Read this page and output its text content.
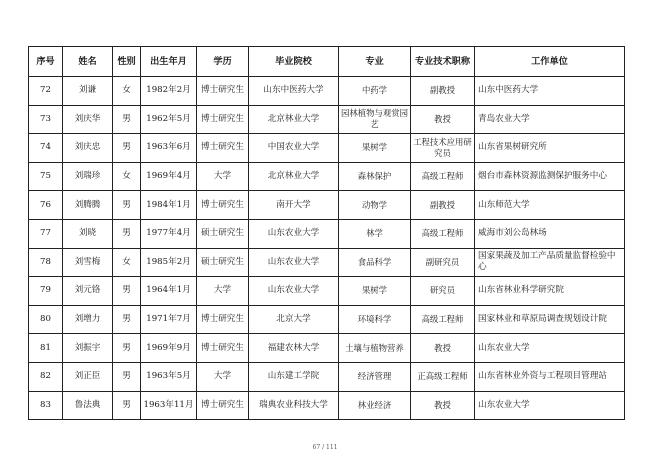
序号	姓名	性别	出生年月	学历	毕业院校	专业	专业技术职称	工作单位
72	刘谦	女	1982年2月	博士研究生	山东中医药大学	中药学	副教授	山东中医药大学
73	刘庆华	男	1962年5月	博士研究生	北京林业大学	园林植物与观赏园艺	教授	青岛农业大学
74	刘庆忠	男	1963年6月	博士研究生	中国农业大学	果树学	工程技术应用研究员	山东省果树研究所
75	刘瑞珍	女	1969年4月	大学	北京林业大学	森林保护	高级工程师	烟台市森林资源监测保护服务中心
76	刘腾腾	男	1984年1月	博士研究生	南开大学	动物学	副教授	山东师范大学
77	刘晓	男	1977年4月	硕士研究生	山东农业大学	林学	高级工程师	威海市刘公岛林场
78	刘雪梅	女	1985年2月	硕士研究生	山东农业大学	食品科学	副研究员	国家果蔬及加工产品质量监督检验中心
79	刘元铬	男	1964年1月	大学	山东农业大学	果树学	研究员	山东省林业科学研究院
80	刘增力	男	1971年7月	博士研究生	北京大学	环境科学	高级工程师	国家林业和草原局调查规划设计院
81	刘振宇	男	1969年9月	博士研究生	福建农林大学	土壤与植物营养	教授	山东农业大学
82	刘正臣	男	1963年5月	大学	山东建工学院	经济管理	正高级工程师	山东省林业外资与工程项目管理站
83	鲁法典	男	1963年11月	博士研究生	瑞典农业科技大学	林业经济	教授	山东农业大学
67 / 111
